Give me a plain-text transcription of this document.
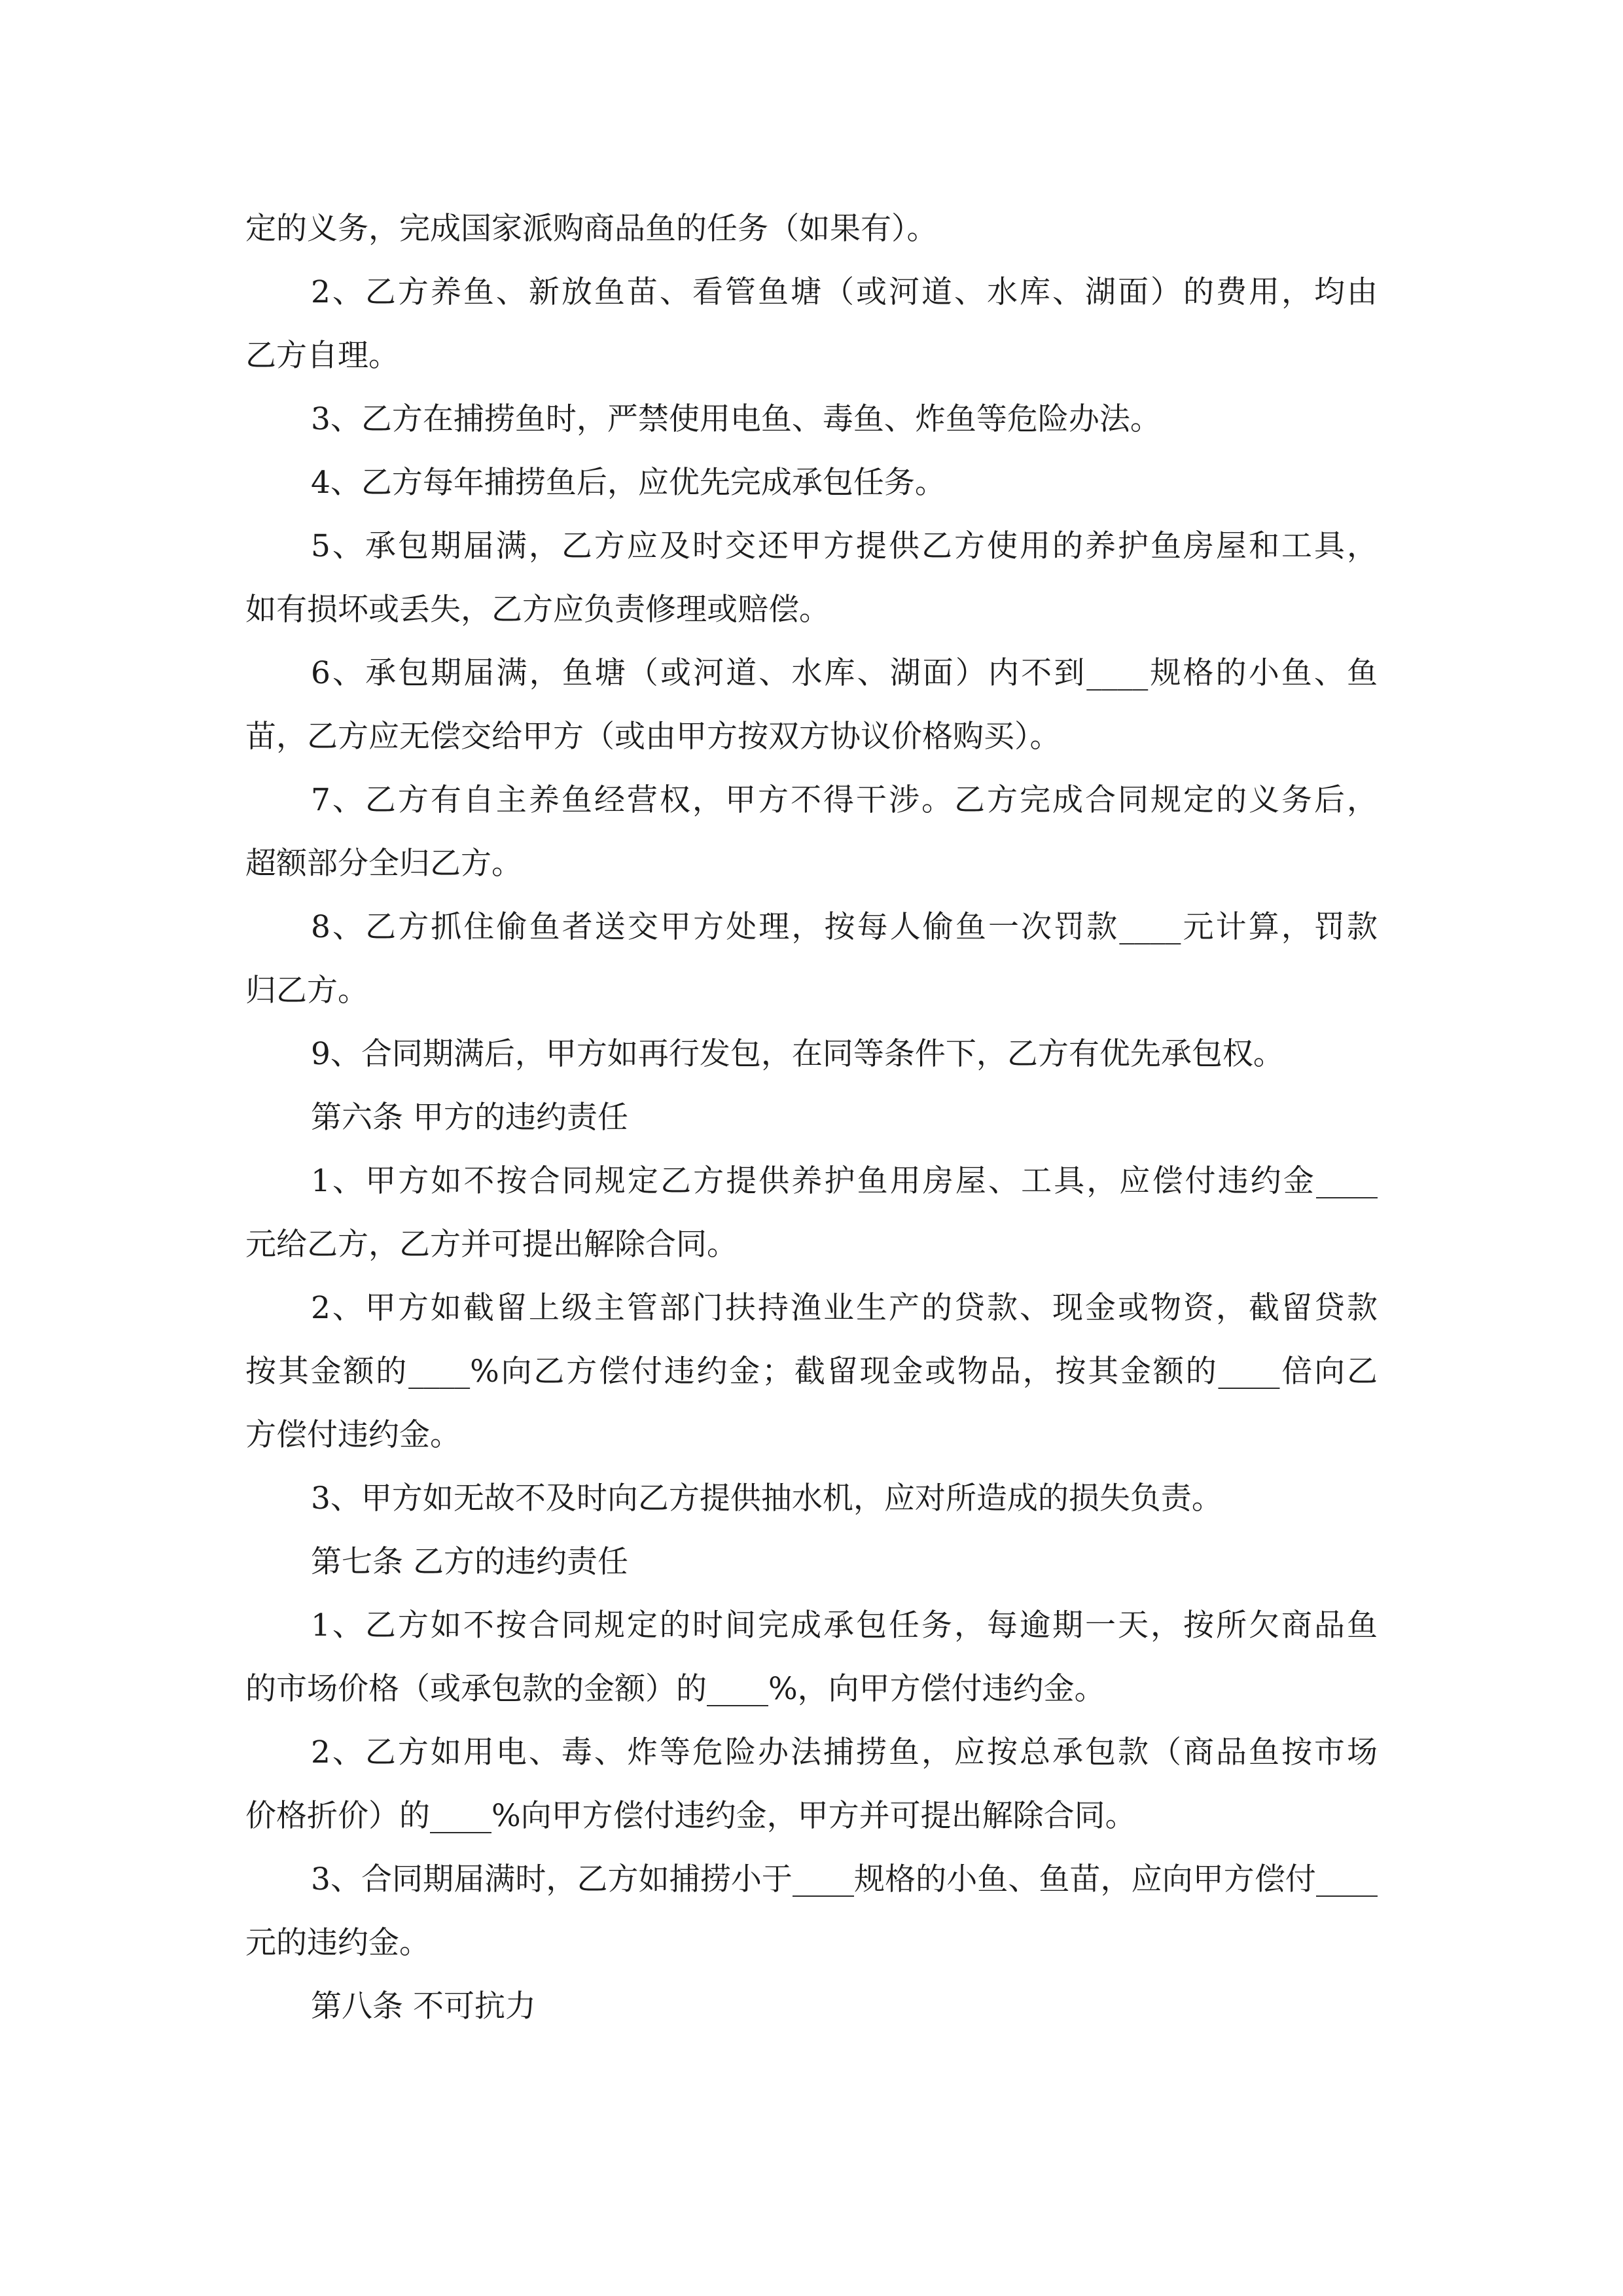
定的义务，完成国家派购商品鱼的任务（如果有）。

2、乙方养鱼、新放鱼苗、看管鱼塘（或河道、水库、湖面）的费用，均由

乙方自理。

3、乙方在捕捞鱼时，严禁使用电鱼、毒鱼、炸鱼等危险办法。

4、乙方每年捕捞鱼后，应优先完成承包任务。

5、承包期届满，乙方应及时交还甲方提供乙方使用的养护鱼房屋和工具，

如有损坏或丢失，乙方应负责修理或赔偿。

6、承包期届满，鱼塘（或河道、水库、湖面）内不到____规格的小鱼、鱼

苗，乙方应无偿交给甲方（或由甲方按双方协议价格购买）。

7、乙方有自主养鱼经营权，甲方不得干涉。乙方完成合同规定的义务后，

超额部分全归乙方。

8、乙方抓住偷鱼者送交甲方处理，按每人偷鱼一次罚款____元计算，罚款

归乙方。

9、合同期满后，甲方如再行发包，在同等条件下，乙方有优先承包权。

第六条 甲方的违约责任

1、甲方如不按合同规定乙方提供养护鱼用房屋、工具，应偿付违约金____

元给乙方，乙方并可提出解除合同。

2、甲方如截留上级主管部门扶持渔业生产的贷款、现金或物资，截留贷款

按其金额的____%向乙方偿付违约金；截留现金或物品，按其金额的____倍向乙

方偿付违约金。

3、甲方如无故不及时向乙方提供抽水机，应对所造成的损失负责。

第七条 乙方的违约责任

1、乙方如不按合同规定的时间完成承包任务，每逾期一天，按所欠商品鱼

的市场价格（或承包款的金额）的____%，向甲方偿付违约金。

2、乙方如用电、毒、炸等危险办法捕捞鱼，应按总承包款（商品鱼按市场

价格折价）的____%向甲方偿付违约金，甲方并可提出解除合同。

3、合同期届满时，乙方如捕捞小于____规格的小鱼、鱼苗，应向甲方偿付____

元的违约金。

第八条 不可抗力
